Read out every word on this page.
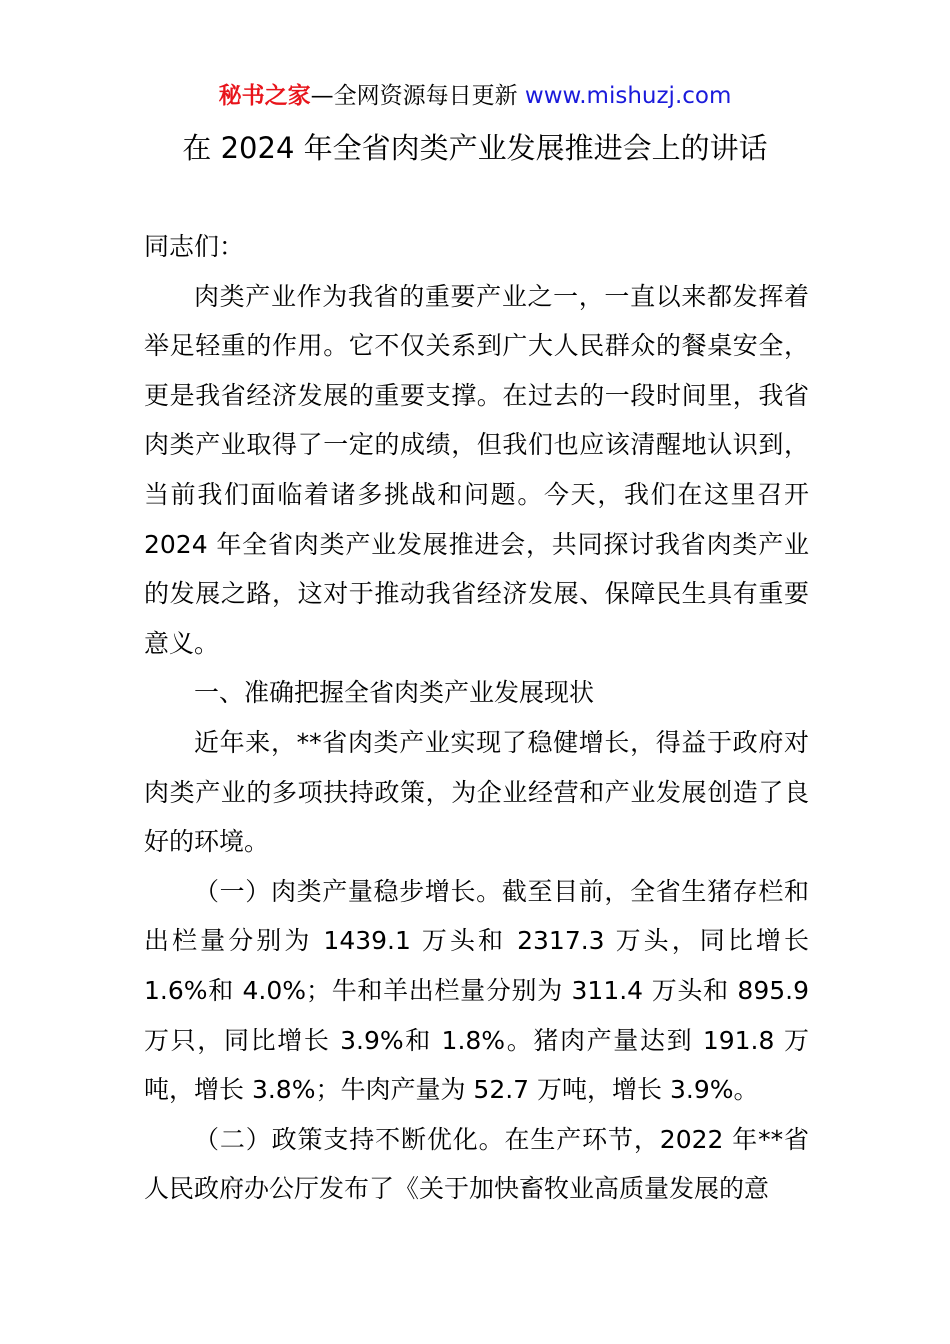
秘书之家—全网资源每日更新 www.mishuzj.com
在 2024 年全省肉类产业发展推进会上的讲话

同志们：

肉类产业作为我省的重要产业之一，一直以来都发挥着举足轻重的作用。它不仅关系到广大人民群众的餐桌安全，更是我省经济发展的重要支撑。在过去的一段时间里，我省肉类产业取得了一定的成绩，但我们也应该清醒地认识到，当前我们面临着诸多挑战和问题。今天，我们在这里召开 2024 年全省肉类产业发展推进会，共同探讨我省肉类产业的发展之路，这对于推动我省经济发展、保障民生具有重要意义。

一、准确把握全省肉类产业发展现状

近年来，**省肉类产业实现了稳健增长，得益于政府对肉类产业的多项扶持政策，为企业经营和产业发展创造了良好的环境。

（一）肉类产量稳步增长。截至目前，全省生猪存栏和出栏量分别为 1439.1 万头和 2317.3 万头，同比增长 1.6%和 4.0%；牛和羊出栏量分别为 311.4 万头和 895.9 万只，同比增长 3.9%和 1.8%。猪肉产量达到 191.8 万吨，增长 3.8%；牛肉产量为 52.7 万吨，增长 3.9%。

（二）政策支持不断优化。在生产环节，2022 年**省人民政府办公厅发布了《关于加快畜牧业高质量发展的意
